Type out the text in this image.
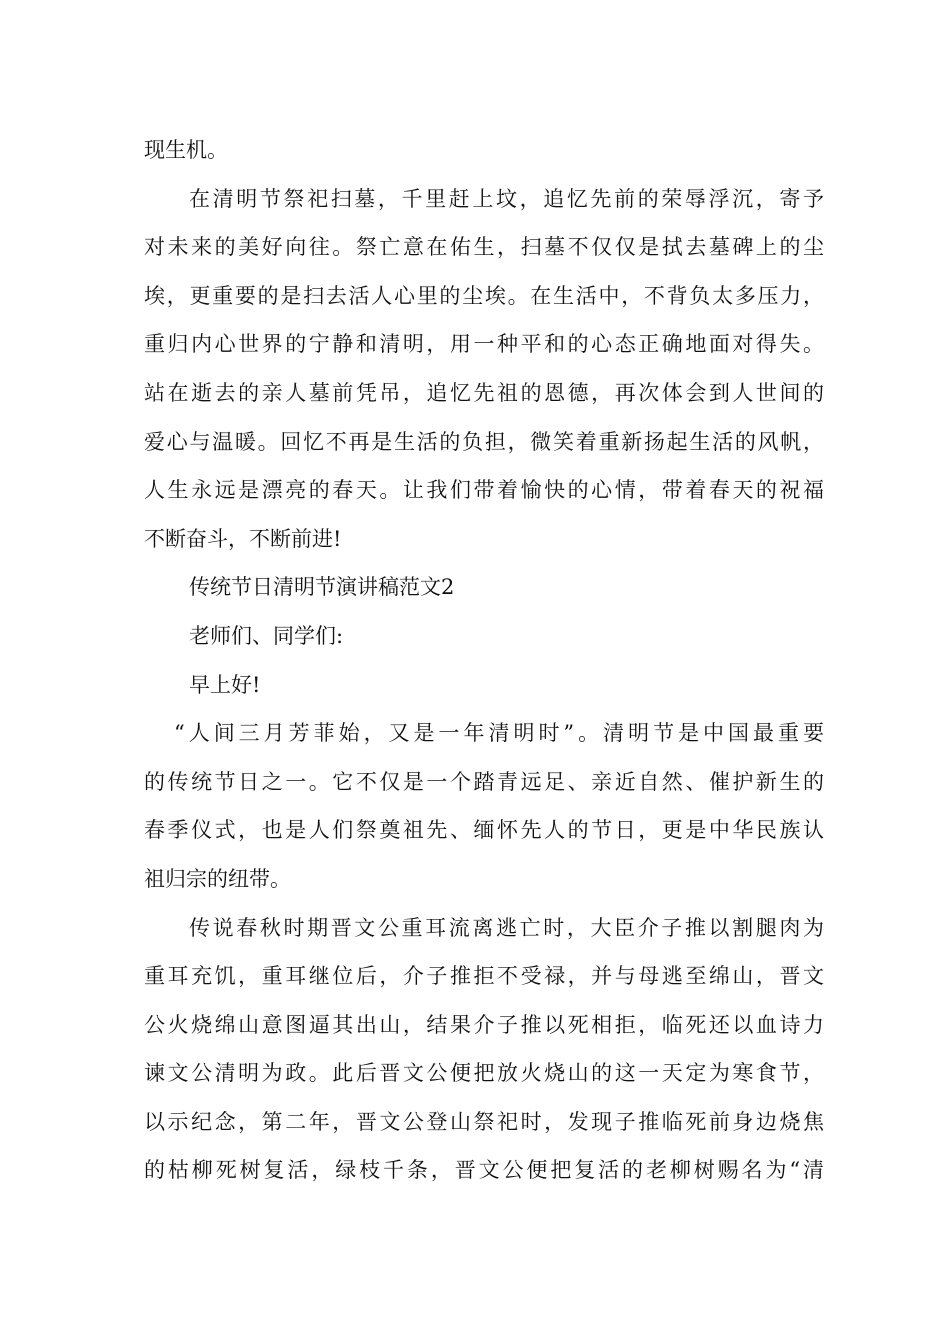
现生机。
在清明节祭祀扫墓，千里赶上坟，追忆先前的荣辱浮沉，寄予
对未来的美好向往。祭亡意在佑生，扫墓不仅仅是拭去墓碑上的尘
埃，更重要的是扫去活人心里的尘埃。在生活中，不背负太多压力，
重归内心世界的宁静和清明，用一种平和的心态正确地面对得失。
站在逝去的亲人墓前凭吊，追忆先祖的恩德，再次体会到人世间的
爱心与温暖。回忆不再是生活的负担，微笑着重新扬起生活的风帆，
人生永远是漂亮的春天。让我们带着愉快的心情，带着春天的祝福
不断奋斗，不断前进!
传统节日清明节演讲稿范文2
老师们、同学们:
早上好!
“人间三月芳菲始，又是一年清明时”。清明节是中国最重要
的传统节日之一。它不仅是一个踏青远足、亲近自然、催护新生的
春季仪式，也是人们祭奠祖先、缅怀先人的节日，更是中华民族认
祖归宗的纽带。
传说春秋时期晋文公重耳流离逃亡时，大臣介子推以割腿肉为
重耳充饥，重耳继位后，介子推拒不受禄，并与母逃至绵山，晋文
公火烧绵山意图逼其出山，结果介子推以死相拒，临死还以血诗力
谏文公清明为政。此后晋文公便把放火烧山的这一天定为寒食节，
以示纪念，第二年，晋文公登山祭祀时，发现子推临死前身边烧焦
的枯柳死树复活，绿枝千条，晋文公便把复活的老柳树赐名为“清
